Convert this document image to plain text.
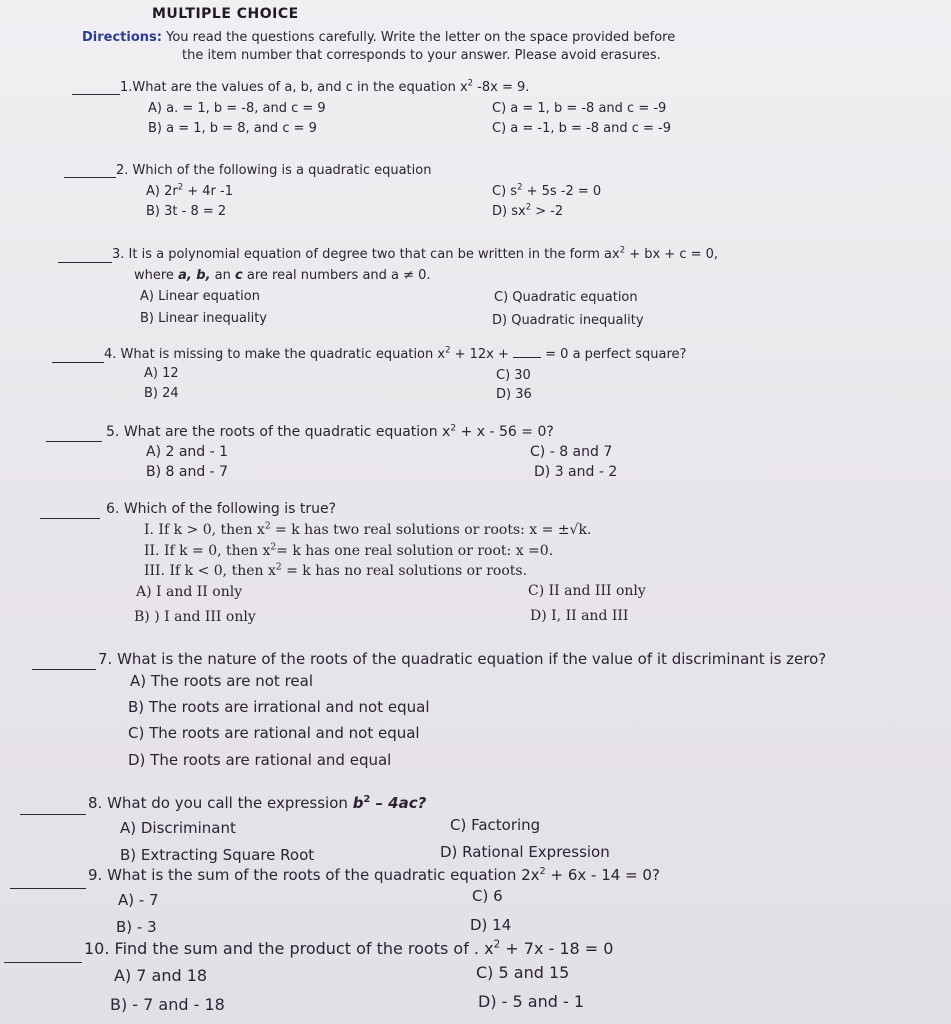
MULTIPLE CHOICE
Directions: You read the questions carefully. Write the letter on the space provided before
the item number that corresponds to your answer. Please avoid erasures.
1.What are the values of a, b, and c in the equation $x^2$ -8x = 9.
A) a. = 1, b = -8, and c = 9
B) a = 1, b = 8, and c = 9
C) a = 1, b = -8 and c = -9
C) a = -1, b = -8 and c = -9
2. Which of the following is a quadratic equation
A) $2r^2 + 4r$ -1
B) 3t - 8 = 2
C) $s^2 + 5s$ -2 = 0
D) $sx^2 > -2$
3. It is a polynomial equation of degree two that can be written in the form $ax^2$ + bx + c = 0,
where a, b, an c are real numbers and a ≠ 0.
A) Linear equation
B) Linear inequality
C) Quadratic equation
D) Quadratic inequality
4. What is missing to make the quadratic equation $x^2 + 12x$ +  = 0 a perfect square?
A) 12
B) 24
C) 30
D) 36
5. What are the roots of the quadratic equation $x^2 + x - 56 = 0$?
A) 2 and - 1
B) 8 and - 7
C) - 8 and 7
D) 3 and - 2
6. Which of the following is true?
I. If k > 0, then $x^2 = k$ has two real solutions or roots: x = ±√k.
II. If k = 0, then $x^2= k$ has one real solution or root: x =0.
III. If k < 0, then $x^2 = k$ has no real solutions or roots.
A) I and II only
B) ) I and III only
C) II and III only
D) I, II and III
7. What is the nature of the roots of the quadratic equation if the value of it discriminant is zero?
A) The roots are not real
B) The roots are irrational and not equal
C) The roots are rational and not equal
D) The roots are rational and equal
8. What do you call the expression $b^2 - 4ac$?
A) Discriminant
B) Extracting Square Root
C) Factoring
D) Rational Expression
9. What is the sum of the roots of the quadratic equation $2x^2 + 6x - 14 = 0$?
A) - 7
B) - 3
C) 6
D) 14
10. Find the sum and the product of the roots of . $x^2 + 7x - 18 = 0$
A) 7 and 18
B) - 7 and - 18
C) 5 and 15
D) - 5 and - 1
